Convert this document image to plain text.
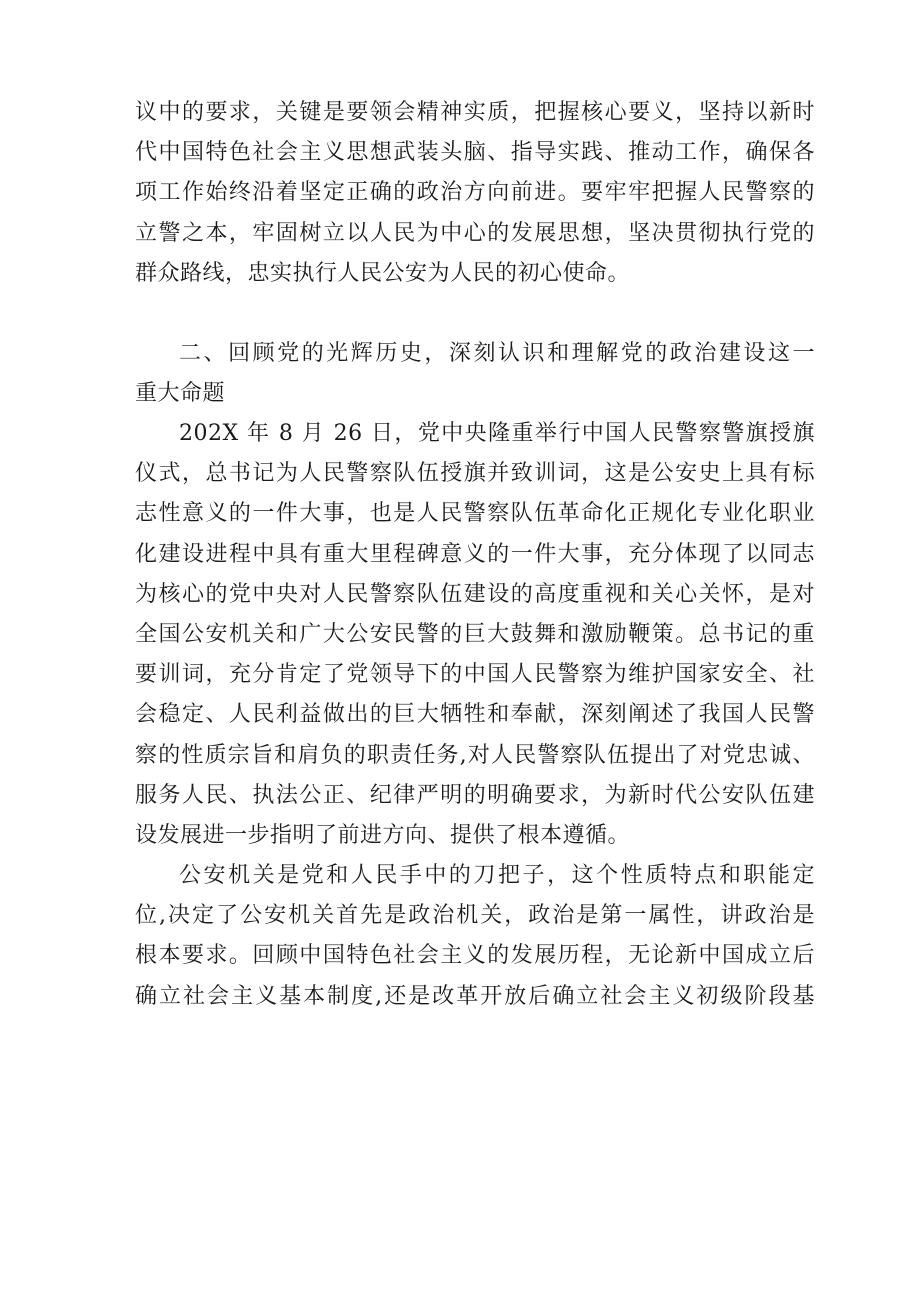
议中的要求，关键是要领会精神实质，把握核心要义，坚持以新时
代中国特色社会主义思想武装头脑、指导实践、推动工作，确保各
项工作始终沿着坚定正确的政治方向前进。要牢牢把握人民警察的
立警之本，牢固树立以人民为中心的发展思想，坚决贯彻执行党的
群众路线，忠实执行人民公安为人民的初心使命。
二、回顾党的光辉历史，深刻认识和理解党的政治建设这一
重大命题
202X 年 8 月 26 日，党中央隆重举行中国人民警察警旗授旗
仪式，总书记为人民警察队伍授旗并致训词，这是公安史上具有标
志性意义的一件大事，也是人民警察队伍革命化正规化专业化职业
化建设进程中具有重大里程碑意义的一件大事，充分体现了以同志
为核心的党中央对人民警察队伍建设的高度重视和关心关怀，是对
全国公安机关和广大公安民警的巨大鼓舞和激励鞭策。总书记的重
要训词，充分肯定了党领导下的中国人民警察为维护国家安全、社
会稳定、人民利益做出的巨大牺牲和奉献，深刻阐述了我国人民警
察的性质宗旨和肩负的职责任务,对人民警察队伍提出了对党忠诚、
服务人民、执法公正、纪律严明的明确要求，为新时代公安队伍建
设发展进一步指明了前进方向、提供了根本遵循。
公安机关是党和人民手中的刀把子，这个性质特点和职能定
位,决定了公安机关首先是政治机关，政治是第一属性，讲政治是
根本要求。回顾中国特色社会主义的发展历程，无论新中国成立后
确立社会主义基本制度,还是改革开放后确立社会主义初级阶段基
